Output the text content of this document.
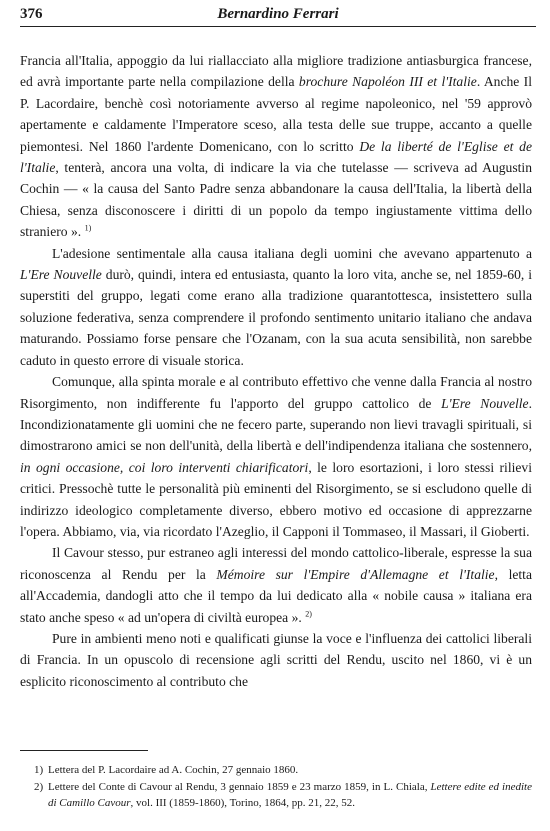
376	Bernardino Ferrari

Francia all'Italia, appoggio da lui riallacciato alla migliore tradizione antiasburgica francese, ed avrà importante parte nella compilazione della brochure Napoléon III et l'Italie. Anche Il P. Lacordaire, benchè così notoriamente avverso al regime napoleonico, nel '59 approvò apertamente e caldamente l'Imperatore sceso, alla testa delle sue truppe, accanto a quelle piemontesi. Nel 1860 l'ardente Domenicano, con lo scritto De la liberté de l'Eglise et de l'Italie, tenterà, ancora una volta, di indicare la via che tutelasse — scriveva ad Augustin Cochin — « la causa del Santo Padre senza abbandonare la causa dell'Italia, la libertà della Chiesa, senza disconoscere i diritti di un popolo da tempo ingiustamente vittima dello straniero ». $^{1)}$

L'adesione sentimentale alla causa italiana degli uomini che avevano appartenuto a L'Ere Nouvelle durò, quindi, intera ed entusiasta, quanto la loro vita, anche se, nel 1859-60, i superstiti del gruppo, legati come erano alla tradizione quarantottesca, insistettero sulla soluzione federativa, senza comprendere il profondo sentimento unitario italiano che andava maturando. Possiamo forse pensare che l'Ozanam, con la sua acuta sensibilità, non sarebbe caduto in questo errore di visuale storica.

Comunque, alla spinta morale e al contributo effettivo che venne dalla Francia al nostro Risorgimento, non indifferente fu l'apporto del gruppo cattolico de L'Ere Nouvelle. Incondizionatamente gli uomini che ne fecero parte, superando non lievi travagli spirituali, si dimostrarono amici se non dell'unità, della libertà e dell'indipendenza italiana che sostennero, in ogni occasione, coi loro interventi chiarificatori, le loro esortazioni, i loro stessi rilievi critici. Pressochè tutte le personalità più eminenti del Risorgimento, se si escludono quelle di indirizzo ideologico completamente diverso, ebbero motivo ed occasione di apprezzarne l'opera. Abbiamo, via, via ricordato l'Azeglio, il Capponi il Tommaseo, il Massari, il Gioberti.

Il Cavour stesso, pur estraneo agli interessi del mondo cattolico-liberale, espresse la sua riconoscenza al Rendu per la Mémoire sur l'Empire d'Allemagne et l'Italie, letta all'Accademia, dandogli atto che il tempo da lui dedicato alla « nobile causa » italiana era stato anche speso « ad un'opera di civiltà europea ». $^{2)}$

Pure in ambienti meno noti e qualificati giunse la voce e l'influenza dei cattolici liberali di Francia. In un opuscolo di recensione agli scritti del Rendu, uscito nel 1860, vi è un esplicito riconoscimento al contributo che

1) Lettera del P. Lacordaire ad A. Cochin, 27 gennaio 1860.
2) Lettere del Conte di Cavour al Rendu, 3 gennaio 1859 e 23 marzo 1859, in L. Chiala, Lettere edite ed inedite di Camillo Cavour, vol. III (1859-1860), Torino, 1864, pp. 21, 22, 52.
